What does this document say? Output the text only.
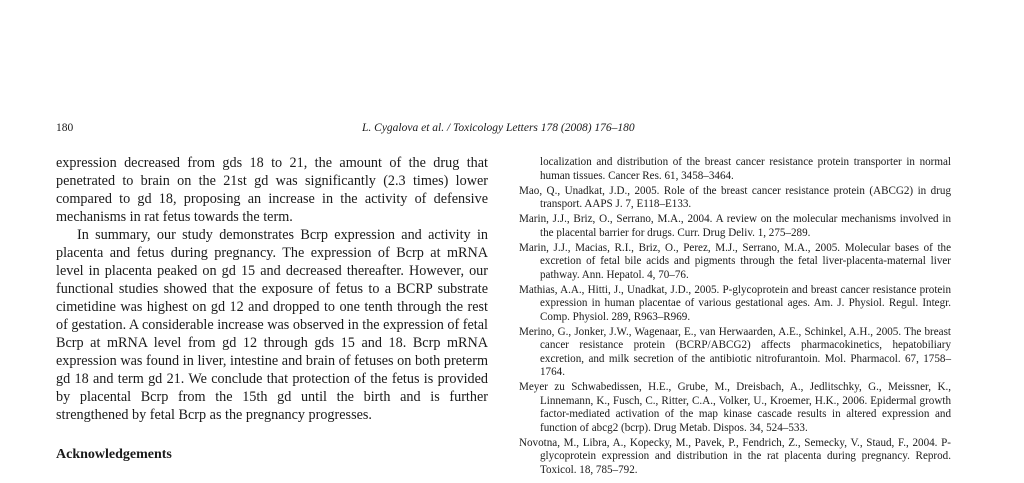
180	L. Cygalova et al. / Toxicology Letters 178 (2008) 176–180

expression decreased from gds 18 to 21, the amount of the drug that penetrated to brain on the 21st gd was significantly (2.3 times) lower compared to gd 18, proposing an increase in the activity of defensive mechanisms in rat fetus towards the term.

In summary, our study demonstrates Bcrp expression and activity in placenta and fetus during pregnancy. The expression of Bcrp at mRNA level in placenta peaked on gd 15 and decreased thereafter. However, our functional studies showed that the exposure of fetus to a BCRP substrate cimetidine was highest on gd 12 and dropped to one tenth through the rest of gestation. A considerable increase was observed in the expression of fetal Bcrp at mRNA level from gd 12 through gds 15 and 18. Bcrp mRNA expression was found in liver, intestine and brain of fetuses on both preterm gd 18 and term gd 21. We conclude that protection of the fetus is provided by placental Bcrp from the 15th gd until the birth and is further strengthened by fetal Bcrp as the pregnancy progresses.

Acknowledgements

localization and distribution of the breast cancer resistance protein transporter in normal human tissues. Cancer Res. 61, 3458–3464.

Mao, Q., Unadkat, J.D., 2005. Role of the breast cancer resistance protein (ABCG2) in drug transport. AAPS J. 7, E118–E133.

Marin, J.J., Briz, O., Serrano, M.A., 2004. A review on the molecular mechanisms involved in the placental barrier for drugs. Curr. Drug Deliv. 1, 275–289.

Marin, J.J., Macias, R.I., Briz, O., Perez, M.J., Serrano, M.A., 2005. Molecular bases of the excretion of fetal bile acids and pigments through the fetal liver-placenta-maternal liver pathway. Ann. Hepatol. 4, 70–76.

Mathias, A.A., Hitti, J., Unadkat, J.D., 2005. P-glycoprotein and breast cancer resistance protein expression in human placentae of various gestational ages. Am. J. Physiol. Regul. Integr. Comp. Physiol. 289, R963–R969.

Merino, G., Jonker, J.W., Wagenaar, E., van Herwaarden, A.E., Schinkel, A.H., 2005. The breast cancer resistance protein (BCRP/ABCG2) affects pharmacokinetics, hepatobiliary excretion, and milk secretion of the antibiotic nitrofurantoin. Mol. Pharmacol. 67, 1758–1764.

Meyer zu Schwabedissen, H.E., Grube, M., Dreisbach, A., Jedlitschky, G., Meissner, K., Linnemann, K., Fusch, C., Ritter, C.A., Volker, U., Kroemer, H.K., 2006. Epidermal growth factor-mediated activation of the map kinase cascade results in altered expression and function of abcg2 (bcrp). Drug Metab. Dispos. 34, 524–533.

Novotna, M., Libra, A., Kopecky, M., Pavek, P., Fendrich, Z., Semecky, V., Staud, F., 2004. P-glycoprotein expression and distribution in the rat placenta during pregnancy. Reprod. Toxicol. 18, 785–792.
